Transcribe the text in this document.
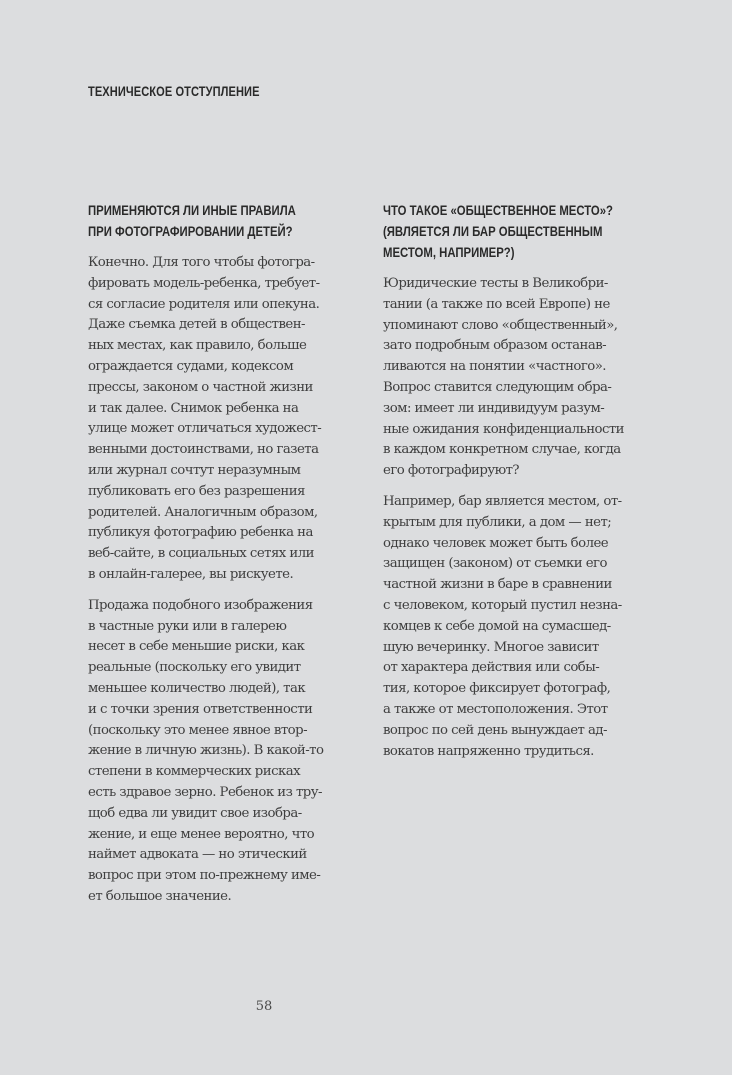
ТЕХНИЧЕСКОЕ ОТСТУПЛЕНИЕ
ПРИМЕНЯЮТСЯ ЛИ ИНЫЕ ПРАВИЛА
ПРИ ФОТОГРАФИРОВАНИИ ДЕТЕЙ?
Конечно. Для того чтобы фотогра-
фировать модель-ребенка, требует-
ся согласие родителя или опекуна.
Даже съемка детей в обществен-
ных местах, как правило, больше
ограждается судами, кодексом
прессы, законом о частной жизни
и так далее. Снимок ребенка на
улице может отличаться художест-
венными достоинствами, но газета
или журнал сочтут неразумным
публиковать его без разрешения
родителей. Аналогичным образом,
публикуя фотографию ребенка на
веб-сайте, в социальных сетях или
в онлайн-галерее, вы рискуете.
Продажа подобного изображения
в частные руки или в галерею
несет в себе меньшие риски, как
реальные (поскольку его увидит
меньшее количество людей), так
и с точки зрения ответственности
(поскольку это менее явное втор-
жение в личную жизнь). В какой-то
степени в коммерческих рисках
есть здравое зерно. Ребенок из тру-
щоб едва ли увидит свое изобра-
жение, и еще менее вероятно, что
наймет адвоката — но этический
вопрос при этом по-прежнему име-
ет большое значение.
ЧТО ТАКОЕ «ОБЩЕСТВЕННОЕ МЕСТО»?
(ЯВЛЯЕТСЯ ЛИ БАР ОБЩЕСТВЕННЫМ
МЕСТОМ, НАПРИМЕР?)
Юридические тесты в Великобри-
тании (а также по всей Европе) не
упоминают слово «общественный»,
зато подробным образом останав-
ливаются на понятии «частного».
Вопрос ставится следующим обра-
зом: имеет ли индивидуум разум-
ные ожидания конфиденциальности
в каждом конкретном случае, когда
его фотографируют?
Например, бар является местом, от-
крытым для публики, а дом — нет;
однако человек может быть более
защищен (законом) от съемки его
частной жизни в баре в сравнении
с человеком, который пустил незна-
комцев к себе домой на сумасшед-
шую вечеринку. Многое зависит
от характера действия или собы-
тия, которое фиксирует фотограф,
а также от местоположения. Этот
вопрос по сей день вынуждает ад-
вокатов напряженно трудиться.
58
